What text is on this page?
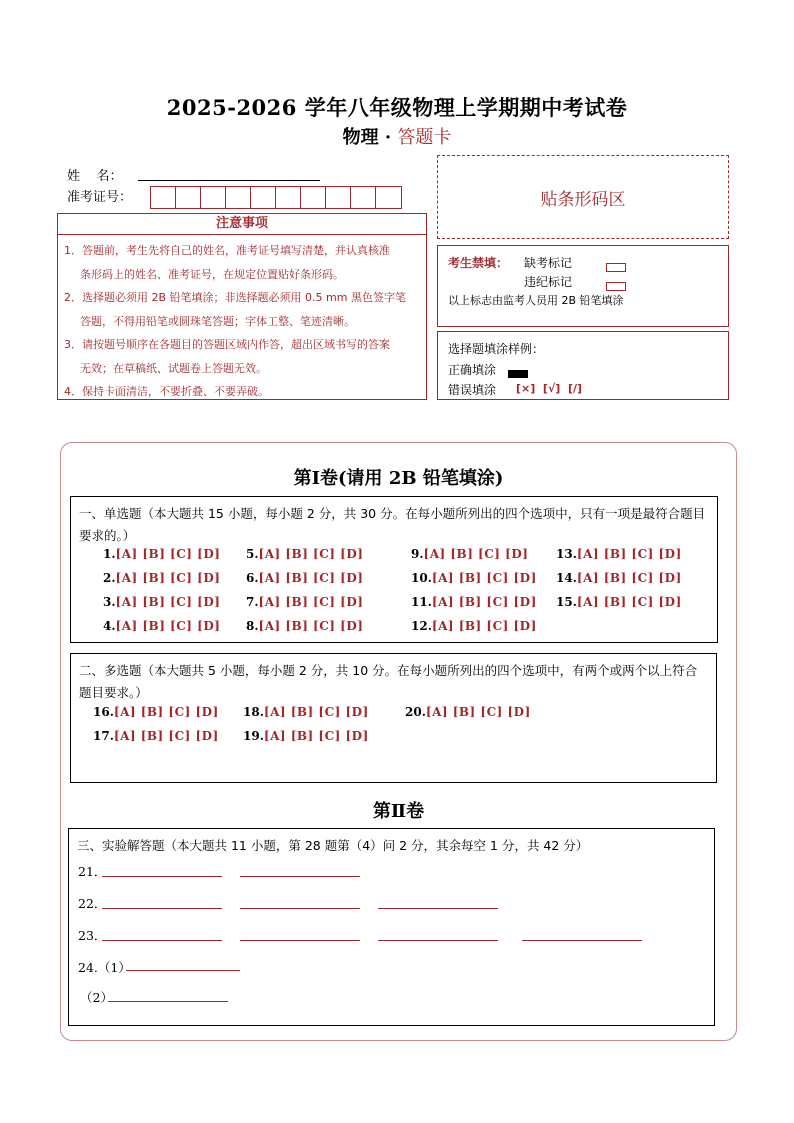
2025-2026 学年八年级物理上学期期中考试卷
物理 · 答题卡
姓    名：
准考证号：
注意事项

1．答题前，考生先将自己的姓名，准考证号填写清楚，并认真核准

条形码上的姓名、准考证号，在规定位置贴好条形码。

2．选择题必须用 2B 铅笔填涂；非选择题必须用 0.5 mm 黑色签字笔

答题，不得用铅笔或圆珠笔答题；字体工整、笔迹清晰。

3．请按题号顺序在各题目的答题区域内作答，超出区域书写的答案

无效；在草稿纸、试题卷上答题无效。

4．保持卡面清洁，不要折叠、不要弄破。

贴条形码区
考生禁填： 缺考标记
违纪标记
以上标志由监考人员用 2B 铅笔填涂
选择题填涂样例：
正确填涂
错误填涂 [×]  [√]  [/]
第Ⅰ卷(请用 2B 铅笔填涂)
一、单选题（本大题共 15 小题，每小题 2 分，共 30 分。在每小题所列出的四个选项中，只有一项是最符合题目要求的。）
1.[A] [B] [C] [D]
2.[A] [B] [C] [D]
3.[A] [B] [C] [D]
4.[A] [B] [C] [D]
5.[A] [B] [C] [D]
6.[A] [B] [C] [D]
7.[A] [B] [C] [D]
8.[A] [B] [C] [D]
9.[A] [B] [C] [D]
10.[A] [B] [C] [D]
11.[A] [B] [C] [D]
12.[A] [B] [C] [D]
13.[A] [B] [C] [D]
14.[A] [B] [C] [D]
15.[A] [B] [C] [D]
二、多选题（本大题共 5 小题，每小题 2 分，共 10 分。在每小题所列出的四个选项中，有两个或两个以上符合题目要求。）
16.[A] [B] [C] [D]
17.[A] [B] [C] [D]
18.[A] [B] [C] [D]
19.[A] [B] [C] [D]
20.[A] [B] [C] [D]
第Ⅱ卷
三、实验解答题（本大题共 11 小题，第 28 题第（4）问 2 分，其余每空 1 分，共 42 分）
21．
22．
23．
24.（1）
（2）
